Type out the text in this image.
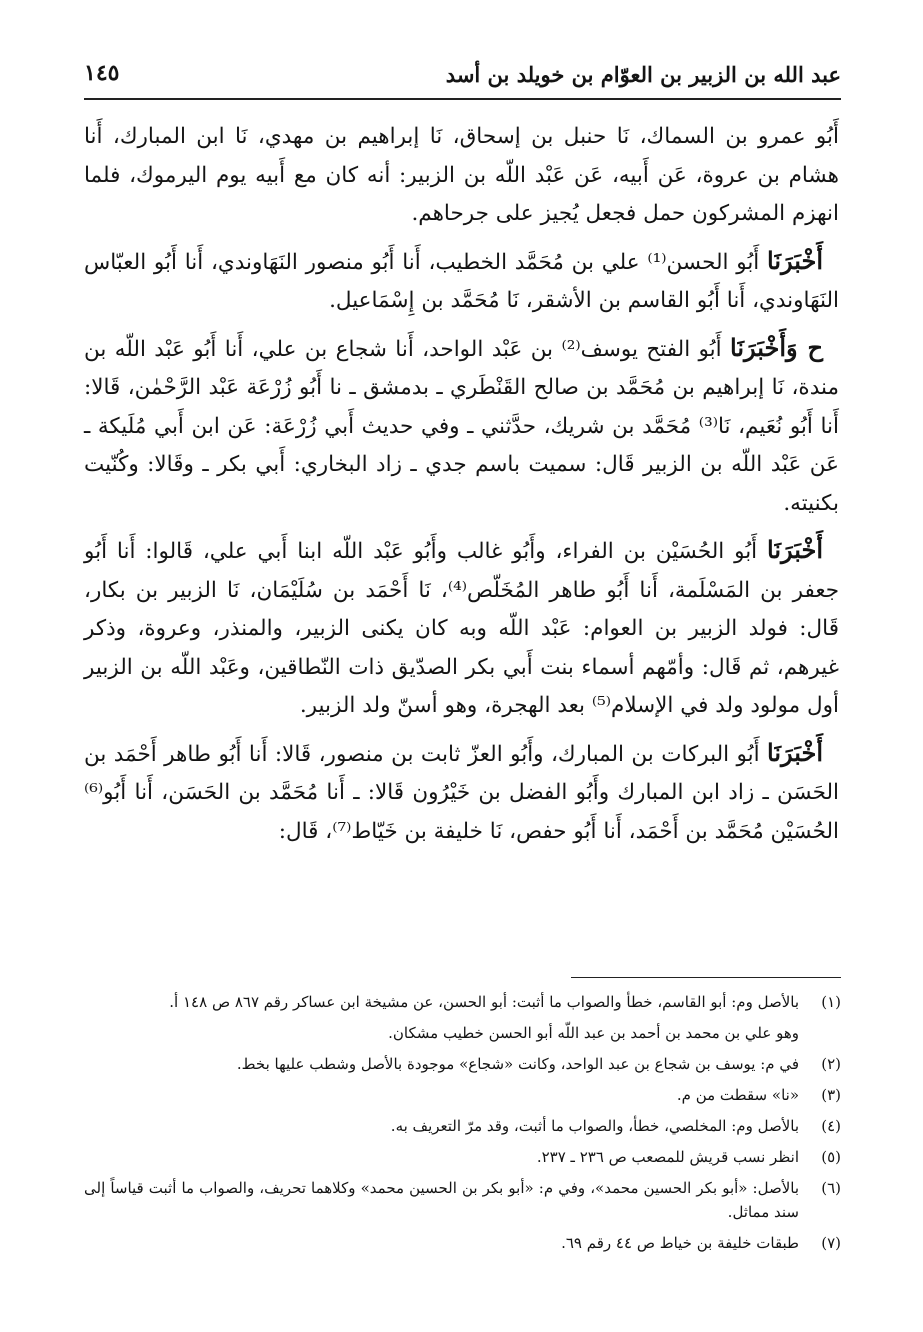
عبد الله بن الزبير بن العوّام بن خويلد بن أسد
١٤٥

أَبُو عمرو بن السماك، نَا حنبل بن إسحاق، نَا إبراهيم بن مهدي، نَا ابن المبارك، أَنا هشام بن عروة، عَن أَبيه، عَن عَبْد اللّه بن الزبير: أنه كان مع أَبيه يوم اليرموك، فلما انهزم المشركون حمل فجعل يُجيز على جرحاهم.

أَخْبَرَنَا أَبُو الحسن⁽¹⁾ علي بن مُحَمَّد الخطيب، أَنا أَبُو منصور النَهَاوندي، أَنا أَبُو العبّاس النَهَاوندي، أَنا أَبُو القاسم بن الأشقر، نَا مُحَمَّد بن إِسْمَاعيل.

ح وَأَخْبَرَنَا أَبُو الفتح يوسف⁽²⁾ بن عَبْد الواحد، أَنا شجاع بن علي، أَنا أَبُو عَبْد اللّه بن مندة، نَا إبراهيم بن مُحَمَّد بن صالح القَنْطَري ـ بدمشق ـ نا أَبُو زُرْعَة عَبْد الرَّحْمٰن، قَالا: أَنا أَبُو نُعَيم، نَا⁽³⁾ مُحَمَّد بن شريك، حدَّثني ـ وفي حديث أَبي زُرْعَة: عَن ابن أَبي مُلَيكة ـ عَن عَبْد اللّه بن الزبير قَال: سميت باسم جدي ـ زاد البخاري: أَبي بكر ـ وقَالا: وكُنّيت بكنيته.

أَخْبَرَنَا أَبُو الحُسَيْن بن الفراء، وأَبُو غالب وأَبُو عَبْد اللّه ابنا أَبي علي، قَالوا: أَنا أَبُو جعفر بن المَسْلَمة، أَنا أَبُو طاهر المُخَلّص⁽⁴⁾، نَا أَحْمَد بن سُلَيْمَان، نَا الزبير بن بكار، قَال: فولد الزبير بن العوام: عَبْد اللّه وبه كان يكنى الزبير، والمنذر، وعروة، وذكر غيرهم، ثم قَال: وأمّهم أسماء بنت أَبي بكر الصدّيق ذات النّطاقين، وعَبْد اللّه بن الزبير أول مولود ولد في الإسلام⁽⁵⁾ بعد الهجرة، وهو أسنّ ولد الزبير.

أَخْبَرَنَا أَبُو البركات بن المبارك، وأَبُو العزّ ثابت بن منصور، قَالا: أَنا أَبُو طاهر أَحْمَد بن الحَسَن ـ زاد ابن المبارك وأَبُو الفضل بن خَيْرُون قَالا: ـ أَنا مُحَمَّد بن الحَسَن، أَنا أَبُو⁽⁶⁾ الحُسَيْن مُحَمَّد بن أَحْمَد، أَنا أَبُو حفص، نَا خليفة بن خَيّاط⁽⁷⁾، قَال:

(١)
بالأصل وم: أبو القاسم، خطأ والصواب ما أثبت: أبو الحسن، عن مشيخة ابن عساكر رقم ٨٦٧ ص ١٤٨ أ.
وهو علي بن محمد بن أحمد بن عبد اللّه أبو الحسن خطيب مشكان.
(٢)
في م: يوسف بن شجاع بن عبد الواحد، وكانت «شجاع» موجودة بالأصل وشطب عليها بخط.
(٣)
«نا» سقطت من م.
(٤)
بالأصل وم: المخلصي، خطأ، والصواب ما أثبت، وقد مرّ التعريف به.
(٥)
انظر نسب قريش للمصعب ص ٢٣٦ ـ ٢٣٧.
(٦)
بالأصل: «أبو بكر الحسين محمد»، وفي م: «أبو بكر بن الحسين محمد» وكلاهما تحريف، والصواب ما أثبت قياساً إلى سند مماثل.
(٧)
طبقات خليفة بن خياط ص ٤٤ رقم ٦٩.
